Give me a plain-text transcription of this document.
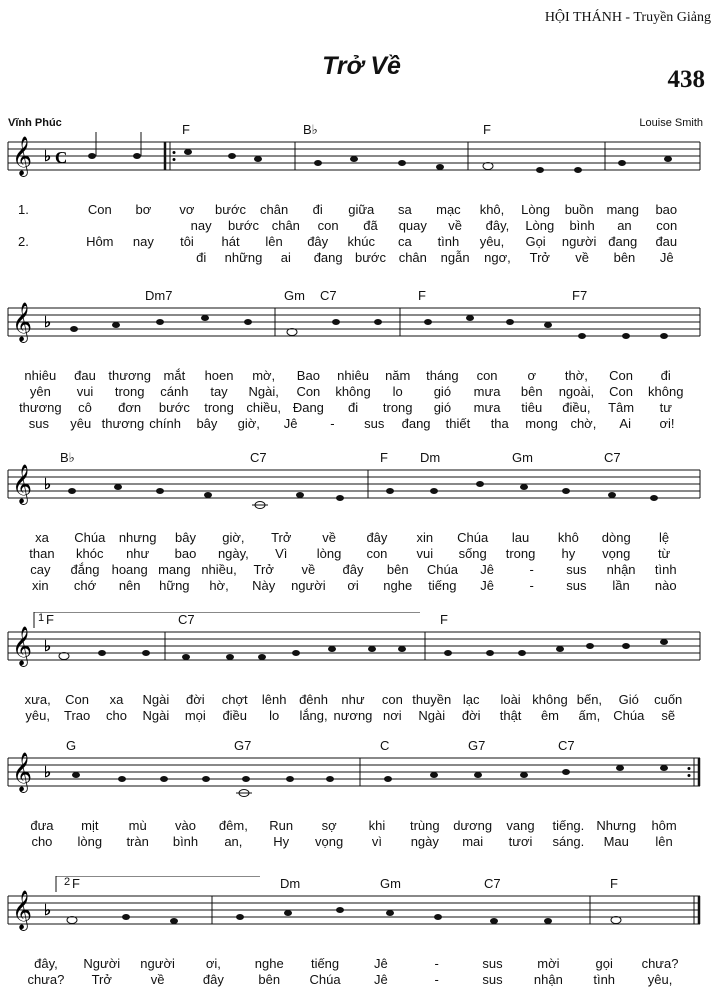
HỘI THÁNH - Truyền Giảng
Trở Về	438
Vĩnh Phúc	Louise Smith
F	B♭	F
𝄞 ♭ C
1.	Con	bơ	vơ	bước	chân	đi	giữa	sa	mạc	khô,	Lòng	buồn mang	bao
nay	bước chân	con	đã	quay	về	đây,	Lòng	bình	an	con
2.	Hôm	nay	tôi	hát	lên	đây	khúc	ca	tình	yêu,	Gọi	người đang	đau
đi	những	ai	đang bước chân	ngẫn	ngơ,	Trở	về	bên	Jê
Dm7	Gm C7	F	F7
𝄞 ♭
nhiêu	đau thương mắt	hoen	mờ,	Bao	nhiêu	năm	tháng	con	ơ	thờ,	Con	đi
yên	vui	trong	cánh	tay	Ngài,	Con	không	lo	gió	mưa	bên	ngoài,	Con	không
thương	cô	đơn	bước	trong chiều, Đang	đi	trong	gió	mưa	tiêu	điều,	Tâm	tư
sus	yêu thương chính	bây	giờ,	Jê	-	sus	đang	thiết	tha	mong chờ,	Ai	ơi!
B♭	C7	F Dm	Gm	C7
𝄞 ♭
xa	Chúa	nhưng	bây	giờ,	Trở	về	đây	xin	Chúa	lau	khô	dòng	lệ
than	khóc	như	bao	ngày,	Vì	lòng	con	vui	sống	trong	hy	vọng	từ
cay	đắng hoang mang nhiều,	Trở	về	đây	bên	Chúa	Jê	-	sus	nhận	tình
xin	chớ	nên	hững	hờ,	Này	người	ơi	nghe	tiếng	Jê	-	sus	lần	nào
1 F	C7	F
𝄞 ♭
xưa,	Con	xa	Ngài	đời	chợt	lênh đênh	như	con thuyền lạc	loài không bến,	Gió	cuốn
yêu,	Trao	cho	Ngài	mọi	điều	lo	lắng, nương nơi	Ngài	đời	thật	êm	ấm,	Chúa	sẽ
G	G7	C	G7	C7
𝄞 ♭
đưa	mịt	mù	vào	đêm,	Run	sợ	khi	trùng	dương	vang	tiếng. Nhưng	hôm
cho	lòng	tràn	bình	an,	Hy	vọng	vì	ngày	mai	tươi	sáng.	Mau	lên
2 F	Dm	Gm	C7	F
𝄞 ♭
đây,	Người	người	ơi,	nghe	tiếng	Jê	-	sus	mời	gọi	chưa?
chưa?	Trở	về	đây	bên	Chúa	Jê	-	sus	nhận	tình	yêu,
